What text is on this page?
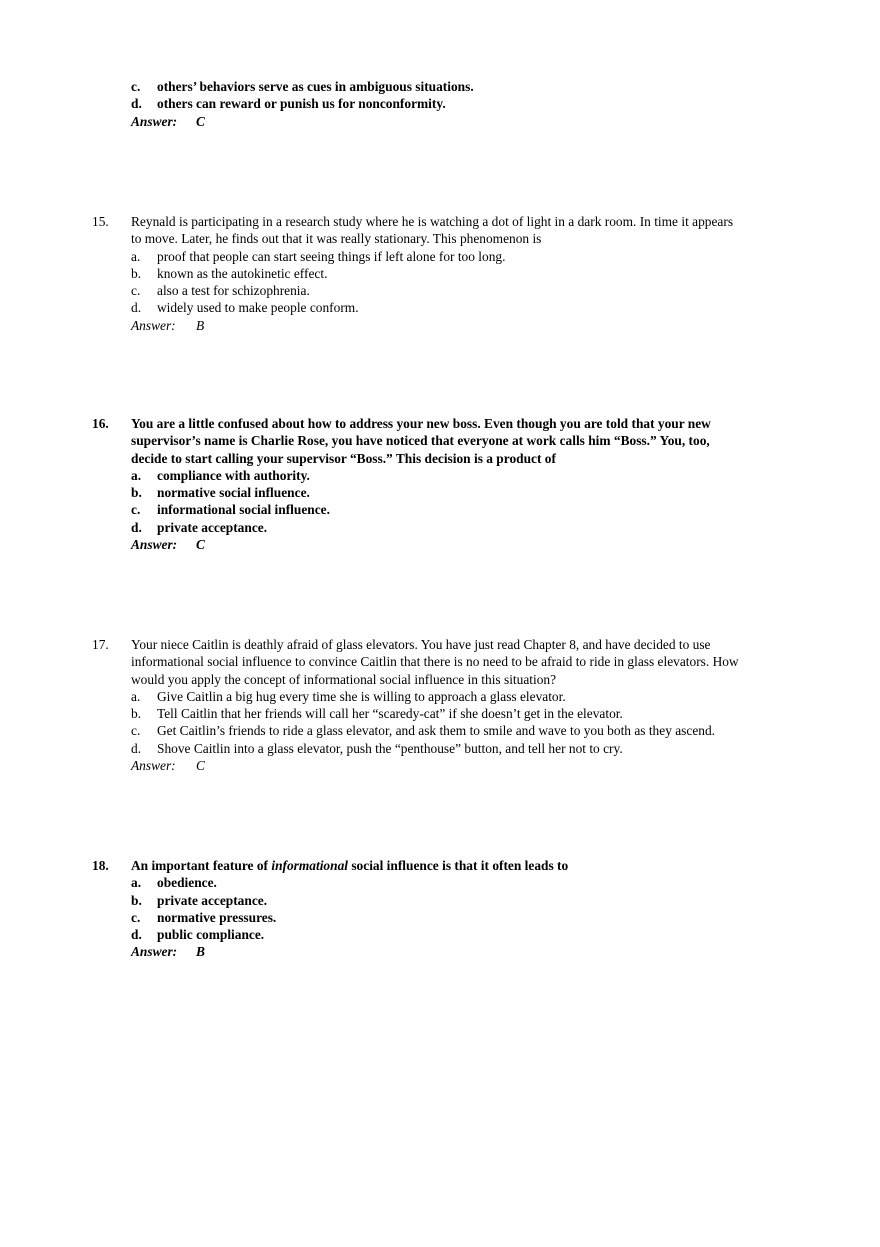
c. others’ behaviors serve as cues in ambiguous situations.
d. others can reward or punish us for nonconformity.
Answer: C
15. Reynald is participating in a research study where he is watching a dot of light in a dark room. In time it appears
to move. Later, he finds out that it was really stationary. This phenomenon is
a. proof that people can start seeing things if left alone for too long.
b. known as the autokinetic effect.
c. also a test for schizophrenia.
d. widely used to make people conform.
Answer: B
16. You are a little confused about how to address your new boss. Even though you are told that your new
supervisor’s name is Charlie Rose, you have noticed that everyone at work calls him “Boss.” You, too,
decide to start calling your supervisor “Boss.” This decision is a product of
a. compliance with authority.
b. normative social influence.
c. informational social influence.
d. private acceptance.
Answer: C
17. Your niece Caitlin is deathly afraid of glass elevators. You have just read Chapter 8, and have decided to use
informational social influence to convince Caitlin that there is no need to be afraid to ride in glass elevators. How
would you apply the concept of informational social influence in this situation?
a. Give Caitlin a big hug every time she is willing to approach a glass elevator.
b. Tell Caitlin that her friends will call her “scaredy-cat” if she doesn’t get in the elevator.
c. Get Caitlin’s friends to ride a glass elevator, and ask them to smile and wave to you both as they ascend.
d. Shove Caitlin into a glass elevator, push the “penthouse” button, and tell her not to cry.
Answer: C
18. An important feature of informational social influence is that it often leads to
a. obedience.
b. private acceptance.
c. normative pressures.
d. public compliance.
Answer: B
